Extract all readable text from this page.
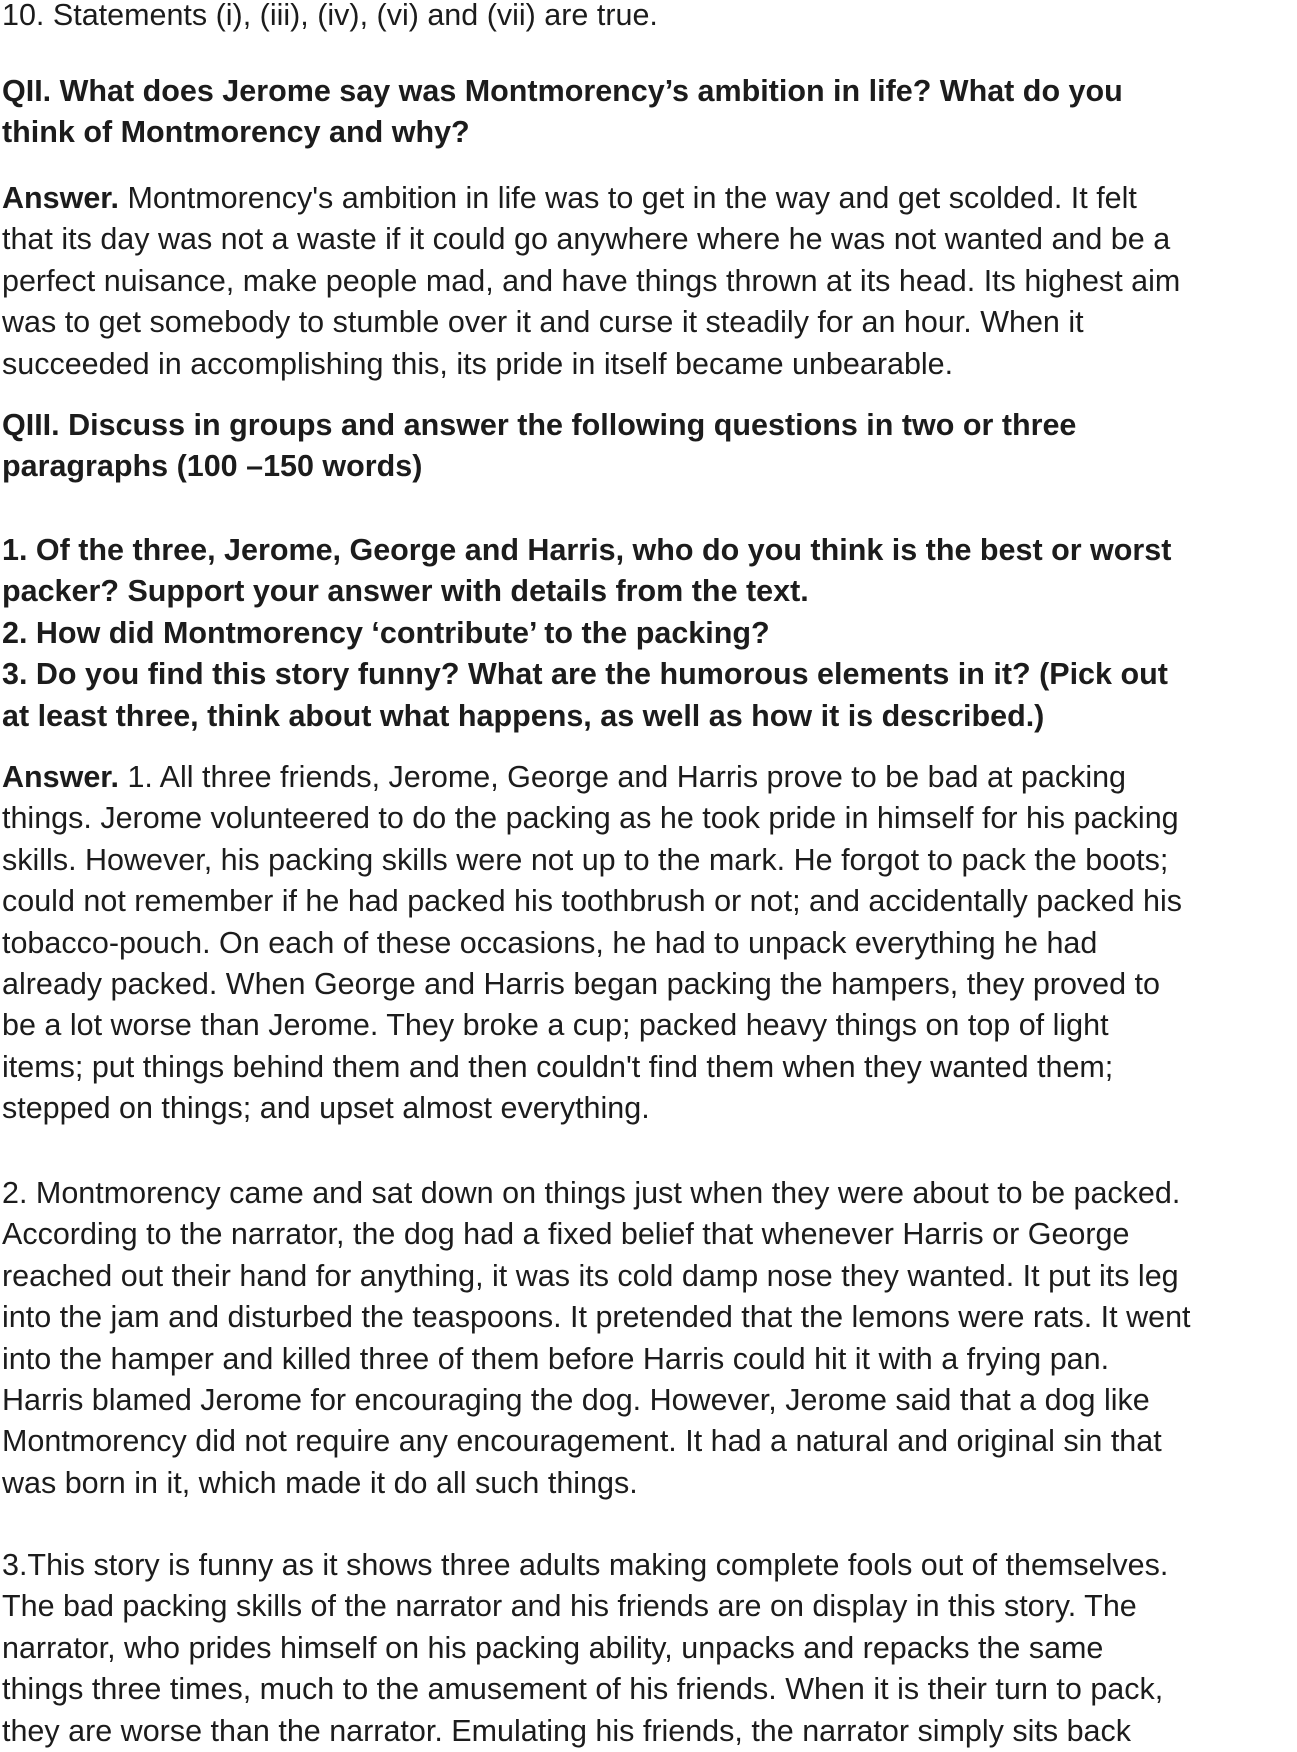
10. Statements (i), (iii), (iv), (vi) and (vii) are true.

QII. What does Jerome say was Montmorency’s ambition in life? What do you
think of Montmorency and why?

Answer. Montmorency's ambition in life was to get in the way and get scolded. It felt
that its day was not a waste if it could go anywhere where he was not wanted and be a
perfect nuisance, make people mad, and have things thrown at its head. Its highest aim
was to get somebody to stumble over it and curse it steadily for an hour. When it
succeeded in accomplishing this, its pride in itself became unbearable.

QIII. Discuss in groups and answer the following questions in two or three
paragraphs (100 –150 words)

1. Of the three, Jerome, George and Harris, who do you think is the best or worst
packer? Support your answer with details from the text.
2. How did Montmorency ‘contribute’ to the packing?
3. Do you find this story funny? What are the humorous elements in it? (Pick out
at least three, think about what happens, as well as how it is described.)

Answer. 1. All three friends, Jerome, George and Harris prove to be bad at packing
things. Jerome volunteered to do the packing as he took pride in himself for his packing
skills. However, his packing skills were not up to the mark. He forgot to pack the boots;
could not remember if he had packed his toothbrush or not; and accidentally packed his
tobacco-pouch. On each of these occasions, he had to unpack everything he had
already packed. When George and Harris began packing the hampers, they proved to
be a lot worse than Jerome. They broke a cup; packed heavy things on top of light
items; put things behind them and then couldn't find them when they wanted them;
stepped on things; and upset almost everything.

2. Montmorency came and sat down on things just when they were about to be packed.
According to the narrator, the dog had a fixed belief that whenever Harris or George
reached out their hand for anything, it was its cold damp nose they wanted. It put its leg
into the jam and disturbed the teaspoons. It pretended that the lemons were rats. It went
into the hamper and killed three of them before Harris could hit it with a frying pan.
Harris blamed Jerome for encouraging the dog. However, Jerome said that a dog like
Montmorency did not require any encouragement. It had a natural and original sin that
was born in it, which made it do all such things.

3.This story is funny as it shows three adults making complete fools out of themselves.
The bad packing skills of the narrator and his friends are on display in this story. The
narrator, who prides himself on his packing ability, unpacks and repacks the same
things three times, much to the amusement of his friends. When it is their turn to pack,
they are worse than the narrator. Emulating his friends, the narrator simply sits back
